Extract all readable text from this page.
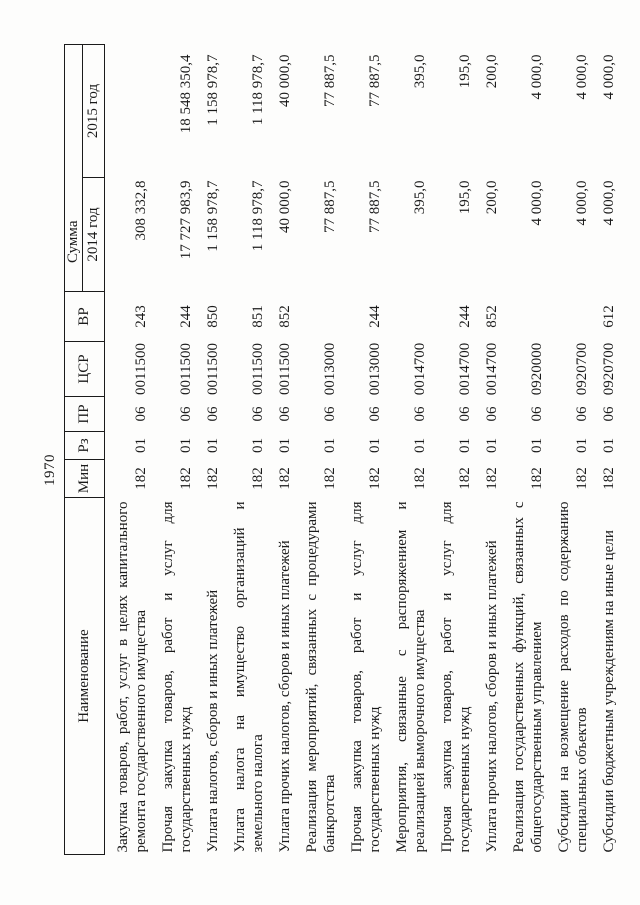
1970
Наименование	Мин	Рз	ПР	ЦСР	ВР	Сумма	
						2014 год	2015 год
Закупка товаров, работ, услуг в целях капитального ремонта государственного имущества	182	01	06	0011500	243	308 332,8	
Прочая закупка товаров, работ и услуг для государственных нужд	182	01	06	0011500	244	17 727 983,9	18 548 350,4
Уплата налогов, сборов и иных платежей	182	01	06	0011500	850	1 158 978,7	1 158 978,7
Уплата налога на имущество организаций и земельного налога	182	01	06	0011500	851	1 118 978,7	1 118 978,7
Уплата прочих налогов, сборов и иных платежей	182	01	06	0011500	852	40 000,0	40 000,0
Реализация мероприятий, связанных с процедурами банкротства	182	01	06	0013000		77 887,5	77 887,5
Прочая закупка товаров, работ и услуг для государственных нужд	182	01	06	0013000	244	77 887,5	77 887,5
Мероприятия, связанные с распоряжением и реализацией выморочного имущества	182	01	06	0014700		395,0	395,0
Прочая закупка товаров, работ и услуг для государственных нужд	182	01	06	0014700	244	195,0	195,0
Уплата прочих налогов, сборов и иных платежей	182	01	06	0014700	852	200,0	200,0
Реализация государственных функций, связанных с общегосударственным управлением	182	01	06	0920000		4 000,0	4 000,0
Субсидии на возмещение расходов по содержанию специальных объектов	182	01	06	0920700		4 000,0	4 000,0
Субсидии бюджетным учреждениям на иные цели	182	01	06	0920700	612	4 000,0	4 000,0
